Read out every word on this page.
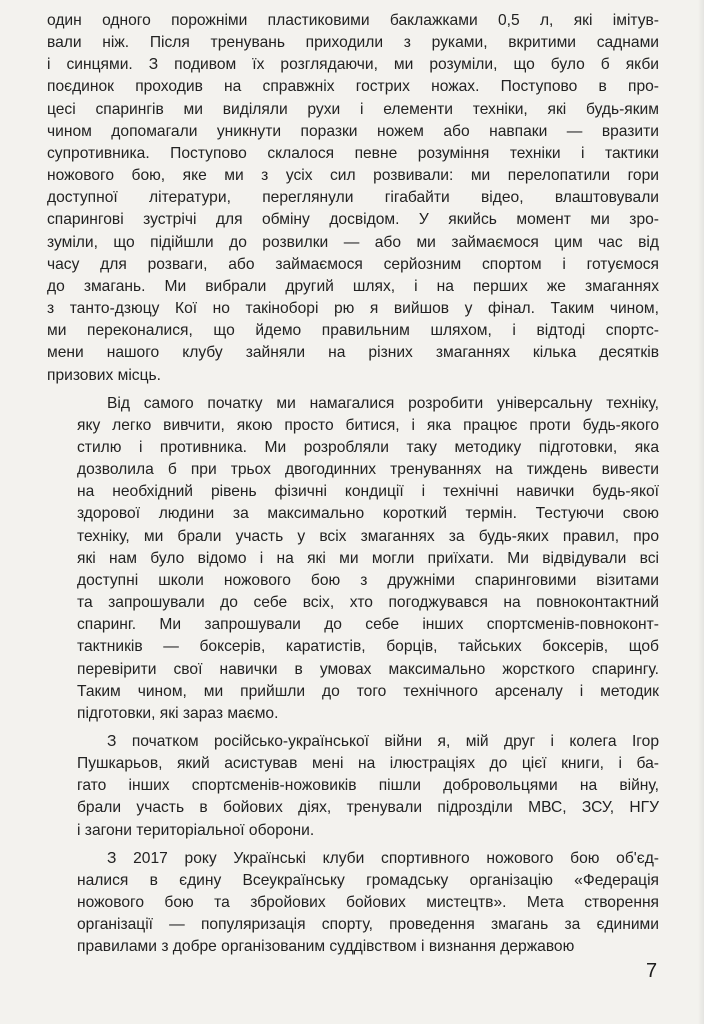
один одного порожніми пластиковими баклажками 0,5 л, які імітув-
вали ніж. Після тренувань приходили з руками, вкритими саднами
і синцями. З подивом їх розглядаючи, ми розуміли, що було б якби
поєдинок проходив на справжніх гострих ножах. Поступово в про-
цесі спарингів ми виділяли рухи і елементи техніки, які будь-яким
чином допомагали уникнути поразки ножем або навпаки — вразити
супротивника. Поступово склалося певне розуміння техніки і тактики
ножового бою, яке ми з усіх сил розвивали: ми перелопатили гори
доступної літератури, переглянули гігабайти відео, влаштовували
спарингові зустрічі для обміну досвідом. У якийсь момент ми зро-
зуміли, що підійшли до розвилки — або ми займаємося цим час від
часу для розваги, або займаємося серйозним спортом і готуємося
до змагань. Ми вибрали другий шлях, і на перших же змаганнях
з танто-дзюцу Кої но такіноборі рю я вийшов у фінал. Таким чином,
ми переконалися, що йдемо правильним шляхом, і відтоді спортс-
мени нашого клубу зайняли на різних змаганнях кілька десятків
призових місць.

Від самого початку ми намагалися розробити універсальну техніку,
яку легко вивчити, якою просто битися, і яка працює проти будь-якого
стилю і противника. Ми розробляли таку методику підготовки, яка
дозволила б при трьох двогодинних тренуваннях на тиждень вивести
на необхідний рівень фізичні кондиції і технічні навички будь-якої
здорової людини за максимально короткий термін. Тестуючи свою
техніку, ми брали участь у всіх змаганнях за будь-яких правил, про
які нам було відомо і на які ми могли приїхати. Ми відвідували всі
доступні школи ножового бою з дружніми спаринговими візитами
та запрошували до себе всіх, хто погоджувався на повноконтактний
спаринг. Ми запрошували до себе інших спортсменів-повноконт-
тактників — боксерів, каратистів, борців, тайських боксерів, щоб
перевірити свої навички в умовах максимально жорсткого спарингу.
Таким чином, ми прийшли до того технічного арсеналу і методик
підготовки, які зараз маємо.

З початком російсько-української війни я, мій друг і колега Ігор
Пушкарьов, який асистував мені на ілюстраціях до цієї книги, і ба-
гато інших спортсменів-ножовиків пішли добровольцями на війну,
брали участь в бойових діях, тренували підрозділи МВС, ЗСУ, НГУ
і загони територіальної оборони.

З 2017 року Українські клуби спортивного ножового бою об'єд-
налися в єдину Всеукраїнську громадську організацію «Федерація
ножового бою та збройових бойових мистецтв». Мета створення
організації — популяризація спорту, проведення змагань за єдиними
правилами з добре організованим суддівством і визнання державою

7
